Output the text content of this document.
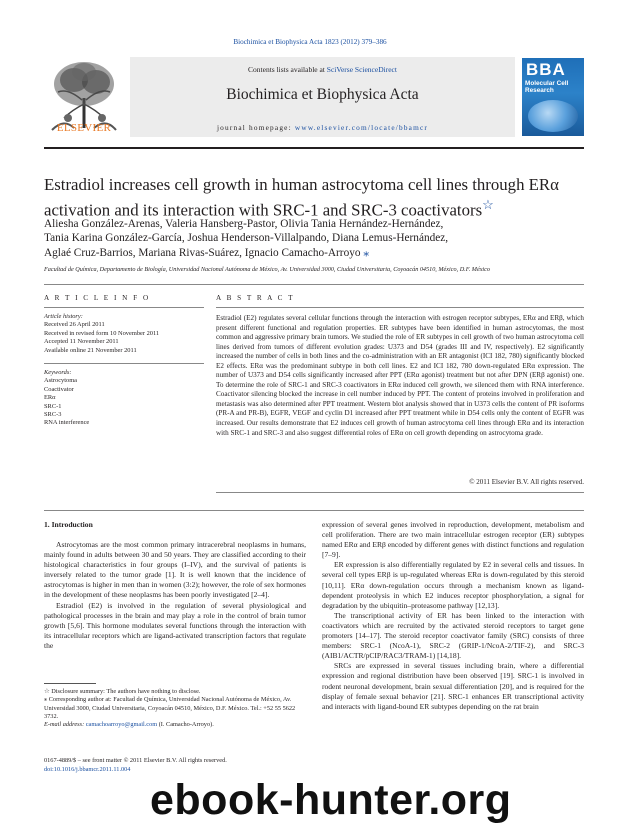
Biochimica et Biophysica Acta 1823 (2012) 379–386
ELSEVIER
Contents lists available at SciVerse ScienceDirect
Biochimica et Biophysica Acta
journal homepage: www.elsevier.com/locate/bbamcr
BBA
Molecular Cell Research
Estradiol increases cell growth in human astrocytoma cell lines through ERα activation and its interaction with SRC-1 and SRC-3 coactivators☆
Aliesha González-Arenas, Valeria Hansberg-Pastor, Olivia Tania Hernández-Hernández,
Tania Karina González-García, Joshua Henderson-Villalpando, Diana Lemus-Hernández,
Aglaé Cruz-Barrios, Mariana Rivas-Suárez, Ignacio Camacho-Arroyo ⁎
Facultad de Química, Departamento de Biología, Universidad Nacional Autónoma de México, Av. Universidad 3000, Ciudad Universitaria, Coyoacán 04510, México, D.F. México
A R T I C L E I N F O
Article history:
Received 26 April 2011
Received in revised form 10 November 2011
Accepted 11 November 2011
Available online 21 November 2011
Keywords:
Astrocytoma
Coactivator
ERα
SRC-1
SRC-3
RNA interference
A B S T R A C T
Estradiol (E2) regulates several cellular functions through the interaction with estrogen receptor subtypes, ERα and ERβ, which present different functional and regulation properties. ER subtypes have been identified in human astrocytomas, the most common and aggressive primary brain tumors. We studied the role of ER subtypes in cell growth of two human astrocytoma cell lines derived from tumors of different evolution grades: U373 and D54 (grades III and IV, respectively). E2 significantly increased the number of cells in both lines and the co-administration with an ER antagonist (ICI 182, 780) significantly blocked E2 effects. ERα was the predominant subtype in both cell lines. E2 and ICI 182, 780 down-regulated ERα expression. The number of U373 and D54 cells significantly increased after PPT (ERα agonist) treatment but not after DPN (ERβ agonist) one. To determine the role of SRC-1 and SRC-3 coactivators in ERα induced cell growth, we silenced them with RNA interference. Coactivator silencing blocked the increase in cell number induced by PPT. The content of proteins involved in proliferation and metastasis was also determined after PPT treatment. Western blot analysis showed that in U373 cells the content of PR isoforms (PR-A and PR-B), EGFR, VEGF and cyclin D1 increased after PPT treatment while in D54 cells only the content of EGFR was increased. Our results demonstrate that E2 induces cell growth of human astrocytoma cell lines through ERα and its interaction with SRC-1 and SRC-3 and also suggest differential roles of ERα on cell growth depending on astrocytoma grade.
© 2011 Elsevier B.V. All rights reserved.
1. Introduction

Astrocytomas are the most common primary intracerebral neoplasms in humans, mainly found in adults between 30 and 50 years. They are classified according to their histological characteristics in four groups (I–IV), and the survival of patients is inversely related to the tumor grade [1]. It is well known that the incidence of astrocytomas is higher in men than in women (3:2); however, the role of sex hormones in the development of these neoplasms has been poorly investigated [2–4].

Estradiol (E2) is involved in the regulation of several physiological and pathological processes in the brain and may play a role in the control of brain tumor growth [5,6]. This hormone modulates several functions through the interaction with its intracellular receptors which are ligand-activated transcription factors that regulate the

expression of several genes involved in reproduction, development, metabolism and cell proliferation. There are two main intracellular estrogen receptor (ER) subtypes named ERα and ERβ encoded by different genes with distinct functions and regulation [7–9].

ER expression is also differentially regulated by E2 in several cells and tissues. In several cell types ERβ is up-regulated whereas ERα is down-regulated by this steroid [10,11]. ERα down-regulation occurs through a mechanism known as ligand-dependent proteolysis in which E2 induces receptor phosphorylation, a signal for degradation by the ubiquitin–proteasome pathway [12,13].

The transcriptional activity of ER has been linked to the interaction with coactivators which are recruited by the activated steroid receptors to target gene promoters [14–17]. The steroid receptor coactivator family (SRC) consists of three members: SRC-1 (NcoA-1), SRC-2 (GRIP-1/NcoA-2/TIF-2), and SRC-3 (AIB1/ACTR/pCIP/RAC3/TRAM-1) [14,18].

SRCs are expressed in several tissues including brain, where a differential expression and regional distribution have been observed [19]. SRC-1 is involved in rodent neuronal development, brain sexual differentiation [20], and is required for the display of female sexual behavior [21]. SRC-1 enhances ER transcriptional activity and interacts with ligand-bound ER subtypes depending on the rat brain

☆ Disclosure summary: The authors have nothing to disclose.
⁎ Corresponding author at: Facultad de Química, Universidad Nacional Autónoma de México, Av. Universidad 3000, Ciudad Universitaria, Coyoacán 04510, México, D.F. México. Tel.: +52 55 5622 3732.
E-mail address: camachoarroyo@gmail.com (I. Camacho-Arroyo).
0167-4889/$ – see front matter © 2011 Elsevier B.V. All rights reserved.
doi:10.1016/j.bbamcr.2011.11.004
ebook-hunter.org
